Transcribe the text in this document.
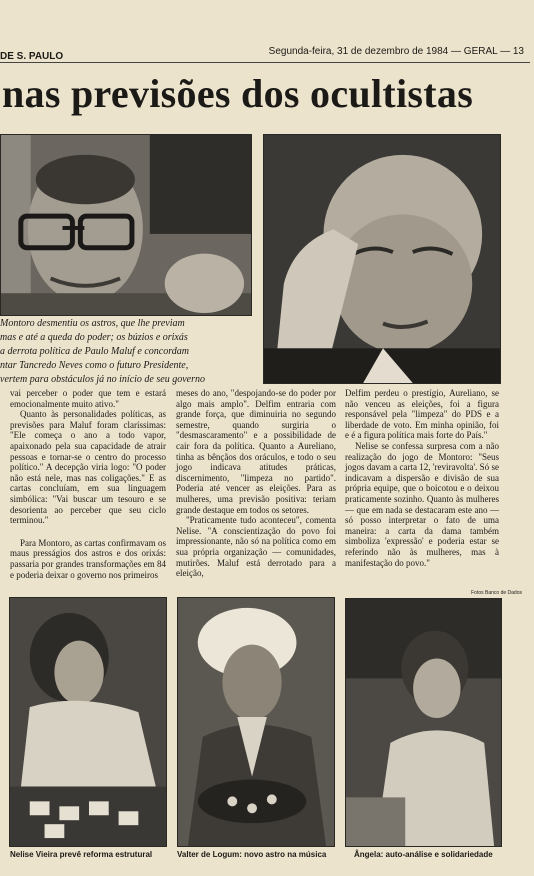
DE S. PAULO	Segunda-feira, 31 de dezembro de 1984 — GERAL — 13
nas previsões dos ocultistas
Montoro desmentiu os astros, que lhe previam
mas e até a queda do poder; os búzios e orixás
a derrota política de Paulo Maluf e concordam
ntar Tancredo Neves como o futuro Presidente,
vertem para obstáculos já no início de seu governo

vai perceber o poder que tem e estará emocionalmente muito ativo."

Quanto às personalidades políticas, as previsões para Maluf foram claríssimas: "Ele começa o ano a todo vapor, apaixonado pela sua capacidade de atrair pessoas e tornar-se o centro do processo político." A decepção viria logo: "O poder não está nele, mas nas coligações." E as cartas concluíam, em sua linguagem simbólica: "Vai buscar um tesouro e se desorienta ao perceber que seu ciclo terminou."

Para Montoro, as cartas confirmavam os maus presságios dos astros e dos orixás: passaria por grandes transformações em 84 e poderia deixar o governo nos primeiros

meses do ano, "despojando-se do poder por algo mais amplo". Delfim entraria com grande força, que diminuiria no segundo semestre, quando surgiria o "desmascaramento" e a possibilidade de cair fora da política. Quanto a Aureliano, tinha as bênçãos dos oráculos, e todo o seu jogo indicava atitudes práticas, discernimento, "limpeza no partido". Poderia até vencer as eleições. Para as mulheres, uma previsão positiva: teriam grande destaque em todos os setores.

"Praticamente tudo aconteceu", comenta Nelise. "A conscientização do povo foi impressionante, não só na política como em sua própria organização — comunidades, mutirões. Maluf está derrotado para a eleição,

Delfim perdeu o prestígio, Aureliano, se não venceu as eleições, foi a figura responsável pela "limpeza" do PDS e a liberdade de voto. Em minha opinião, foi e é a figura política mais forte do País."

Nelise se confessa surpresa com a não realização do jogo de Montoro: "Seus jogos davam a carta 12, 'reviravolta'. Só se indicavam a dispersão e divisão de sua própria equipe, que o boicotou e o deixou praticamente sozinho. Quanto às mulheres — que em nada se destacaram este ano — só posso interpretar o fato de uma maneira: a carta da dama também simboliza 'expressão' e poderia estar se referindo não às mulheres, mas à manifestação do povo."

Fotos Banco de Dados
Nelise Vieira prevê reforma estrutural	Valter de Logum: novo astro na música	Ângela: auto-análise e solidariedade
